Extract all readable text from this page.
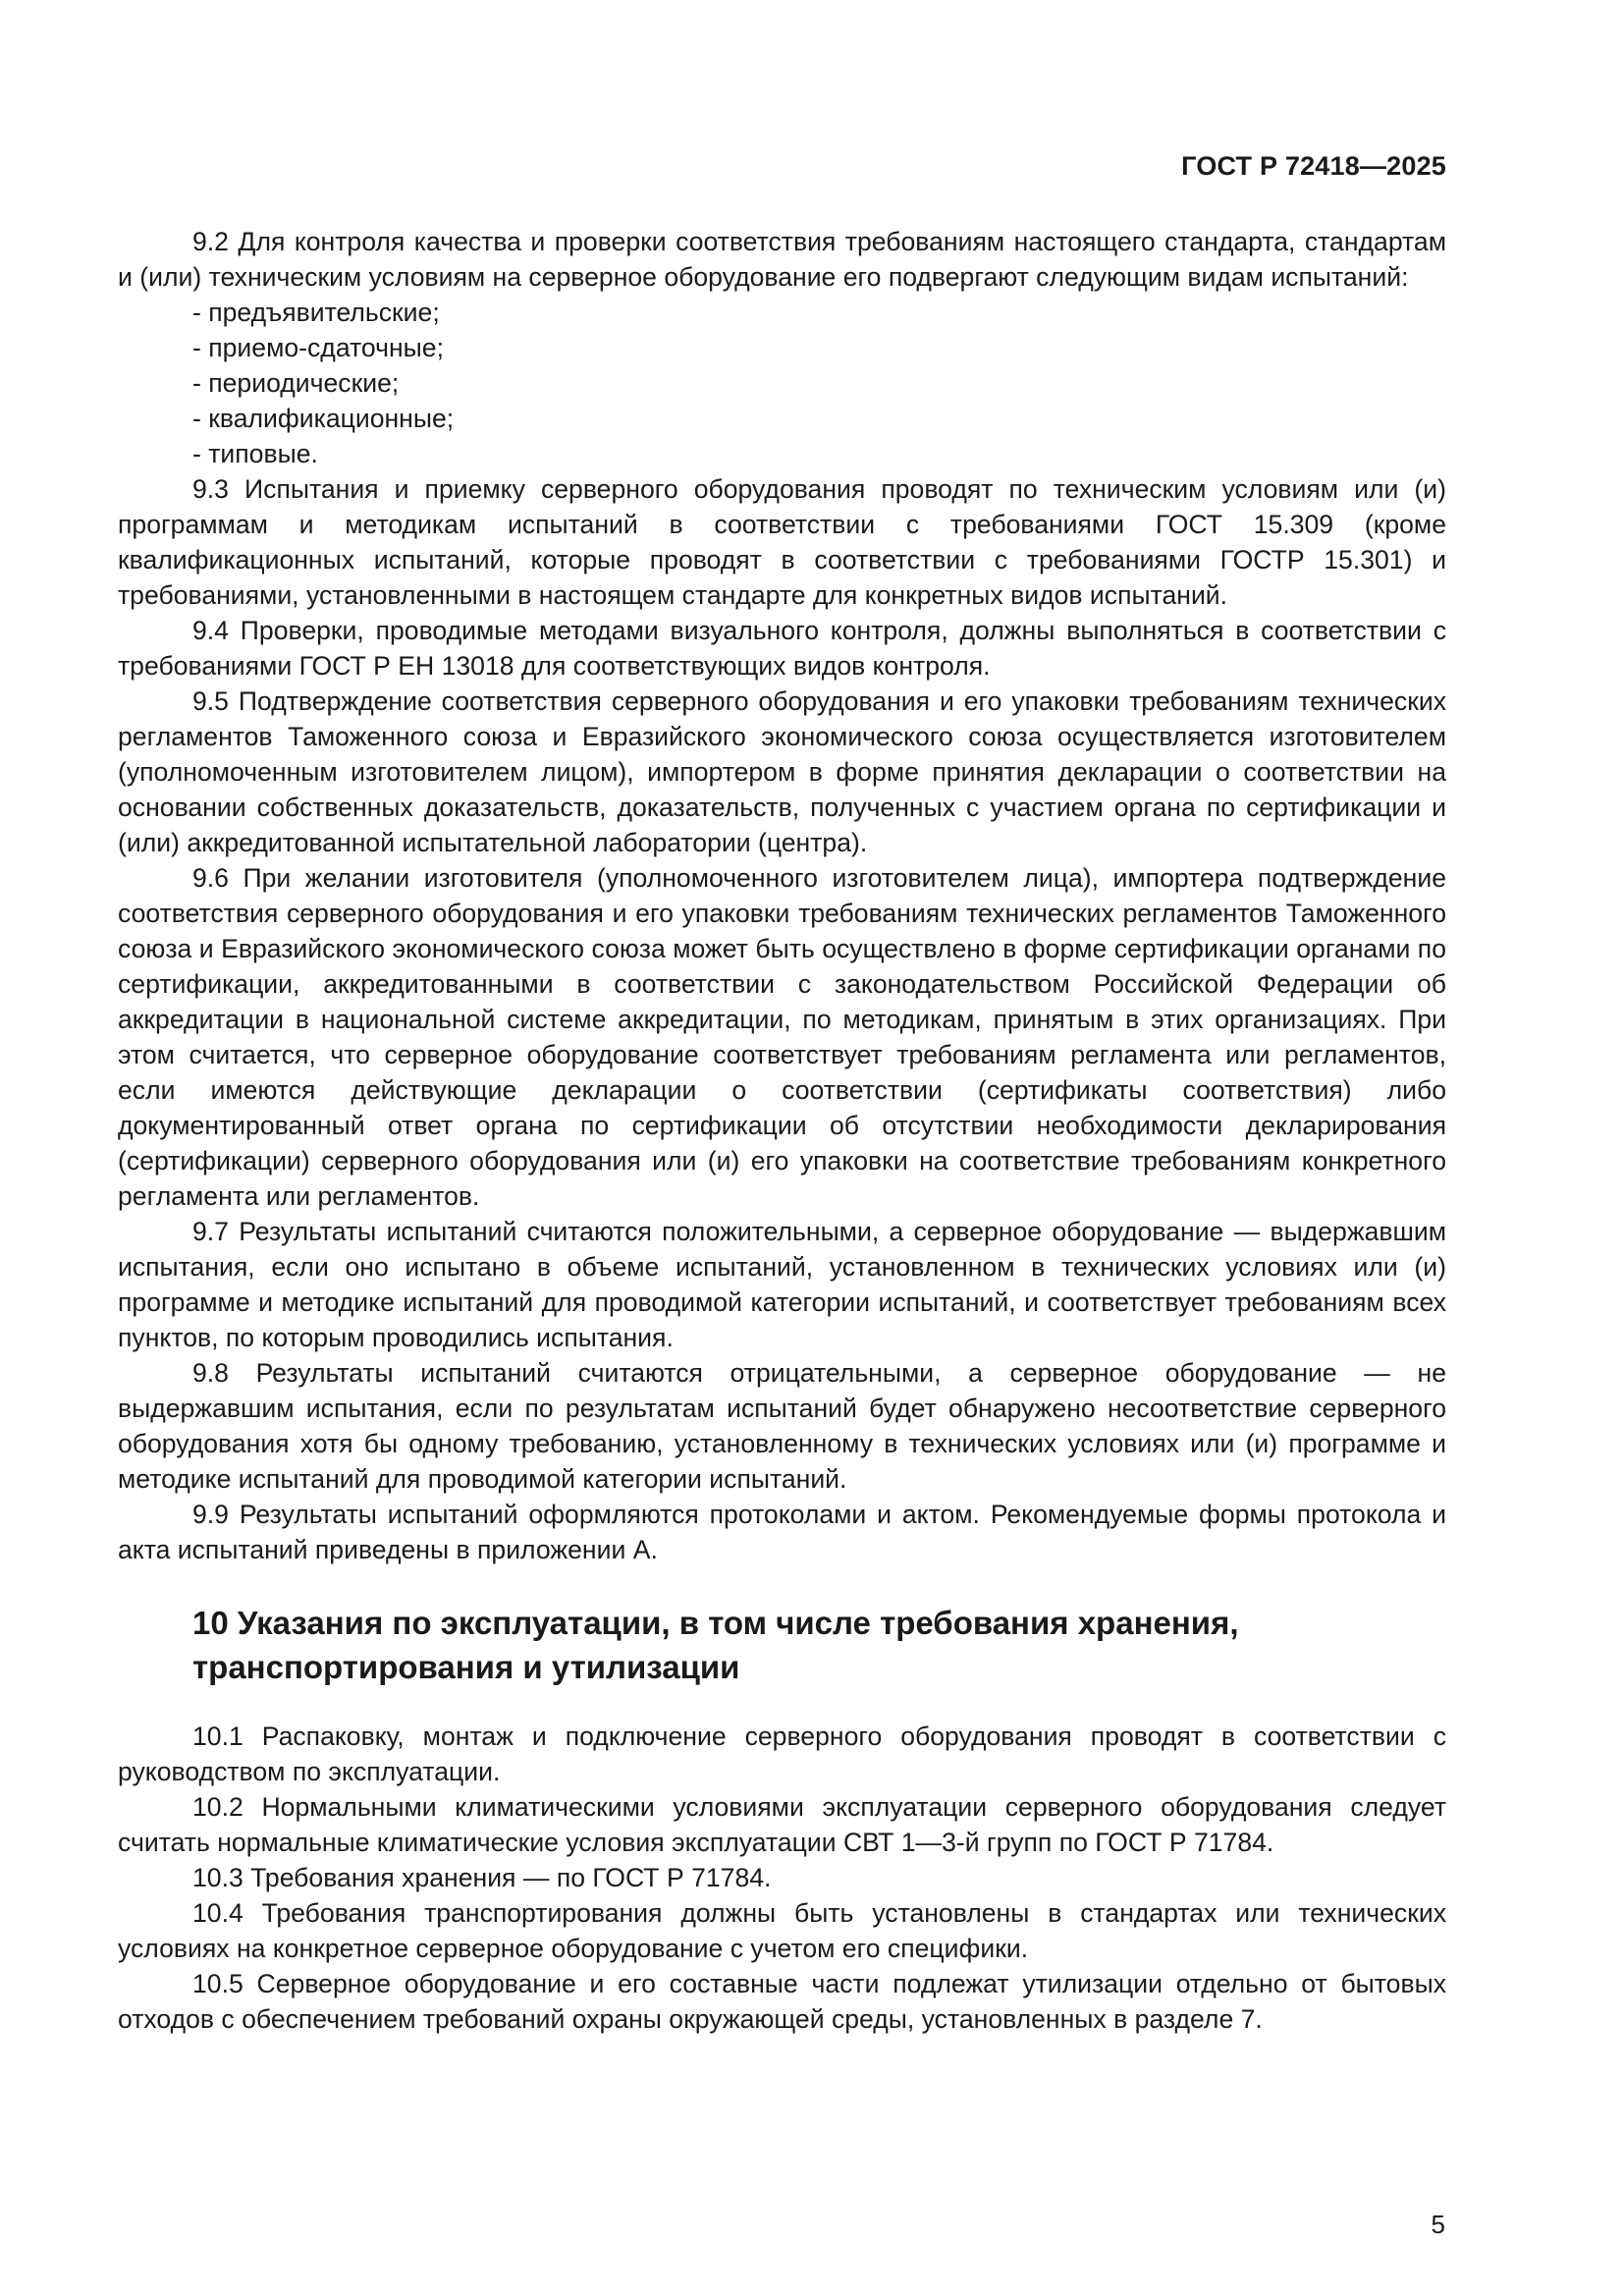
ГОСТ Р 72418—2025

9.2 Для контроля качества и проверки соответствия требованиям настоящего стандарта, стандартам и (или) техническим условиям на серверное оборудование его подвергают следующим видам испытаний:

- предъявительские;
- приемо-сдаточные;
- периодические;
- квалификационные;
- типовые.

9.3 Испытания и приемку серверного оборудования проводят по техническим условиям или (и) программам и методикам испытаний в соответствии с требованиями ГОСТ 15.309 (кроме квалификационных испытаний, которые проводят в соответствии с требованиями ГОСТР 15.301) и требованиями, установленными в настоящем стандарте для конкретных видов испытаний.

9.4 Проверки, проводимые методами визуального контроля, должны выполняться в соответствии с требованиями ГОСТ Р ЕН 13018 для соответствующих видов контроля.

9.5 Подтверждение соответствия серверного оборудования и его упаковки требованиям технических регламентов Таможенного союза и Евразийского экономического союза осуществляется изготовителем (уполномоченным изготовителем лицом), импортером в форме принятия декларации о соответствии на основании собственных доказательств, доказательств, полученных с участием органа по сертификации и (или) аккредитованной испытательной лаборатории (центра).

9.6 При желании изготовителя (уполномоченного изготовителем лица), импортера подтверждение соответствия серверного оборудования и его упаковки требованиям технических регламентов Таможенного союза и Евразийского экономического союза может быть осуществлено в форме сертификации органами по сертификации, аккредитованными в соответствии с законодательством Российской Федерации об аккредитации в национальной системе аккредитации, по методикам, принятым в этих организациях. При этом считается, что серверное оборудование соответствует требованиям регламента или регламентов, если имеются действующие декларации о соответствии (сертификаты соответствия) либо документированный ответ органа по сертификации об отсутствии необходимости декларирования (сертификации) серверного оборудования или (и) его упаковки на соответствие требованиям конкретного регламента или регламентов.

9.7 Результаты испытаний считаются положительными, а серверное оборудование — выдержавшим испытания, если оно испытано в объеме испытаний, установленном в технических условиях или (и) программе и методике испытаний для проводимой категории испытаний, и соответствует требованиям всех пунктов, по которым проводились испытания.

9.8 Результаты испытаний считаются отрицательными, а серверное оборудование — не выдержавшим испытания, если по результатам испытаний будет обнаружено несоответствие серверного оборудования хотя бы одному требованию, установленному в технических условиях или (и) программе и методике испытаний для проводимой категории испытаний.

9.9 Результаты испытаний оформляются протоколами и актом. Рекомендуемые формы протокола и акта испытаний приведены в приложении А.

10 Указания по эксплуатации, в том числе требования хранения, транспортирования и утилизации

10.1 Распаковку, монтаж и подключение серверного оборудования проводят в соответствии с руководством по эксплуатации.

10.2 Нормальными климатическими условиями эксплуатации серверного оборудования следует считать нормальные климатические условия эксплуатации СВТ 1—3-й групп по ГОСТ Р 71784.

10.3 Требования хранения — по ГОСТ Р 71784.

10.4 Требования транспортирования должны быть установлены в стандартах или технических условиях на конкретное серверное оборудование с учетом его специфики.

10.5 Серверное оборудование и его составные части подлежат утилизации отдельно от бытовых отходов с обеспечением требований охраны окружающей среды, установленных в разделе 7.

5
